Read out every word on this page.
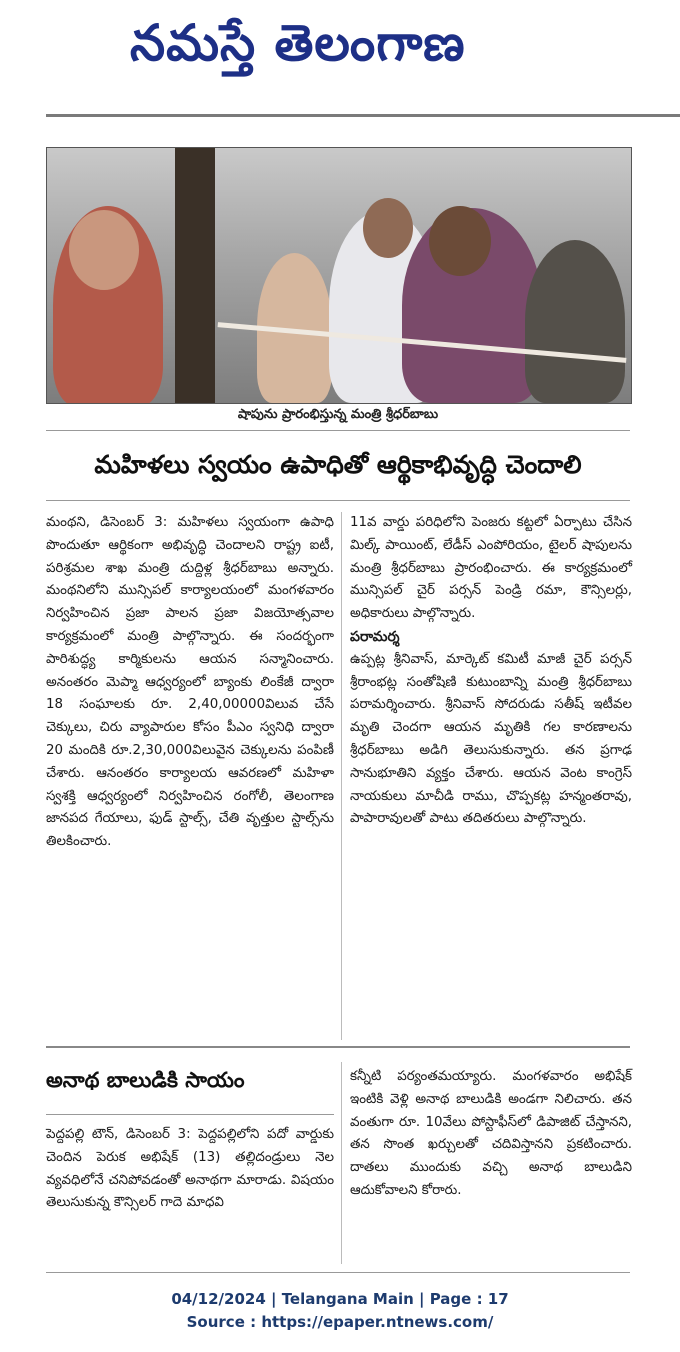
నమస్తే తెలంగాణ
షాపును ప్రారంభిస్తున్న మంత్రి శ్రీధర్‌బాబు
మహిళలు స్వయం ఉపాధితో ఆర్థికాభివృద్ధి చెందాలి

మంథని, డిసెంబర్ 3: మహిళలు స్వయంగా ఉపాధి పొందుతూ ఆర్థికంగా అభివృద్ధి చెందాలని రాష్ట్ర ఐటీ, పరిశ్రమల శాఖ మంత్రి దుద్దిళ్ల శ్రీధర్‌బాబు అన్నారు. మంథనిలోని మున్సిపల్ కార్యాలయంలో మంగళవారం నిర్వహించిన ప్రజా పాలన ప్రజా విజయోత్సవాల కార్యక్రమంలో మంత్రి పాల్గొన్నారు. ఈ సందర్భంగా పారిశుద్ధ్య కార్మికులను ఆయన సన్మానించారు. అనంతరం మెప్మా ఆధ్వర్యంలో బ్యాంకు లింకేజీ ద్వారా 18 సంఘాలకు రూ. 2,40,00000విలువ చేసే చెక్కులు, చిరు వ్యాపారుల కోసం పీఎం స్వనిధి ద్వారా 20 మందికి రూ.2,30,000విలువైన చెక్కులను పంపిణీ చేశారు. ఆనంతరం కార్యాలయ ఆవరణలో మహిళా స్వశక్తి ఆధ్వర్యంలో నిర్వహించిన రంగోలీ, తెలంగాణ జానపద గేయాలు, ఫుడ్ స్టాల్స్, చేతి వృత్తుల స్టాల్స్‌ను తిలకించారు.

11వ వార్డు పరిధిలోని పెంజరు కట్టలో ఏర్పాటు చేసిన మిల్క్ పాయింట్, లేడీస్ ఎంపోరియం, టైలర్ షాపులను మంత్రి శ్రీధర్‌బాబు ప్రారంభించారు. ఈ కార్యక్రమంలో మున్సిపల్ చైర్ పర్సన్ పెండ్రి రమా, కౌన్సిలర్లు, అధికారులు పాల్గొన్నారు.

పరామర్శ

ఉప్పట్ల శ్రీనివాస్, మార్కెట్ కమిటీ మాజీ చైర్ పర్సన్ శ్రీరాంభట్ల సంతోషిణి కుటుంబాన్ని మంత్రి శ్రీధర్‌బాబు పరామర్శించారు. శ్రీనివాస్ సోదరుడు సతీష్ ఇటీవల మృతి చెందగా ఆయన మృతికి గల కారణాలను శ్రీధర్‌బాబు అడిగి తెలుసుకున్నారు. తన ప్రగాఢ సానుభూతిని వ్యక్తం చేశారు. ఆయన వెంట కాంగ్రెస్ నాయకులు మాచీడి రాము, చొప్పకట్ల హన్మంతరావు, పాపారావులతో పాటు తదితరులు పాల్గొన్నారు.

అనాథ బాలుడికి సాయం

పెద్దపల్లి టౌన్, డిసెంబర్ 3: పెద్దపల్లిలోని పదో వార్డుకు చెందిన పెరుక అభిషేక్ (13) తల్లిదండ్రులు నెల వ్యవధిలోనే చనిపోవడంతో అనాథగా మారాడు. విషయం తెలుసుకున్న కౌన్సిలర్ గాదె మాధవి

కన్నీటి పర్యంతమయ్యారు. మంగళవారం అభిషేక్ ఇంటికి వెళ్లి అనాథ బాలుడికి అండగా నిలిచారు. తన వంతుగా రూ. 10వేలు పోస్టాఫీస్‌లో డిపాజిట్ చేస్తానని, తన సొంత ఖర్చులతో చదివిస్తానని ప్రకటించారు. దాతలు ముందుకు వచ్చి అనాథ బాలుడిని ఆదుకోవాలని కోరారు.

04/12/2024 | Telangana Main | Page : 17
Source : https://epaper.ntnews.com/
